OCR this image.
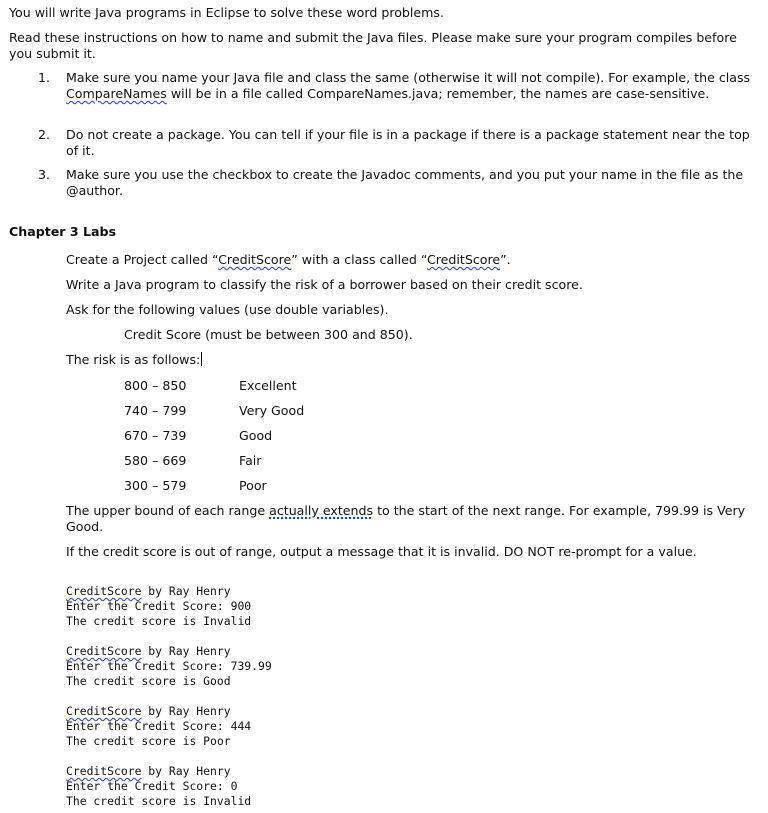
You will write Java programs in Eclipse to solve these word problems.
Read these instructions on how to name and submit the Java files. Please make sure your program compiles before you submit it.
1. Make sure you name your Java file and class the same (otherwise it will not compile). For example, the class CompareNames will be in a file called CompareNames.java; remember, the names are case-sensitive.
2. Do not create a package. You can tell if your file is in a package if there is a package statement near the top of it.
3. Make sure you use the checkbox to create the Javadoc comments, and you put your name in the file as the @author.
Chapter 3 Labs
Create a Project called “CreditScore” with a class called “CreditScore”.
Write a Java program to classify the risk of a borrower based on their credit score.
Ask for the following values (use double variables).
Credit Score (must be between 300 and 850).
The risk is as follows:
800 – 850	Excellent
740 – 799	Very Good
670 – 739	Good
580 – 669	Fair
300 – 579	Poor
The upper bound of each range actually extends to the start of the next range. For example, 799.99 is Very Good.
If the credit score is out of range, output a message that it is invalid. DO NOT re-prompt for a value.
CreditScore by Ray Henry
Enter the Credit Score: 900
The credit score is Invalid
CreditScore by Ray Henry
Enter the Credit Score: 739.99
The credit score is Good
CreditScore by Ray Henry
Enter the Credit Score: 444
The credit score is Poor
CreditScore by Ray Henry
Enter the Credit Score: 0
The credit score is Invalid
